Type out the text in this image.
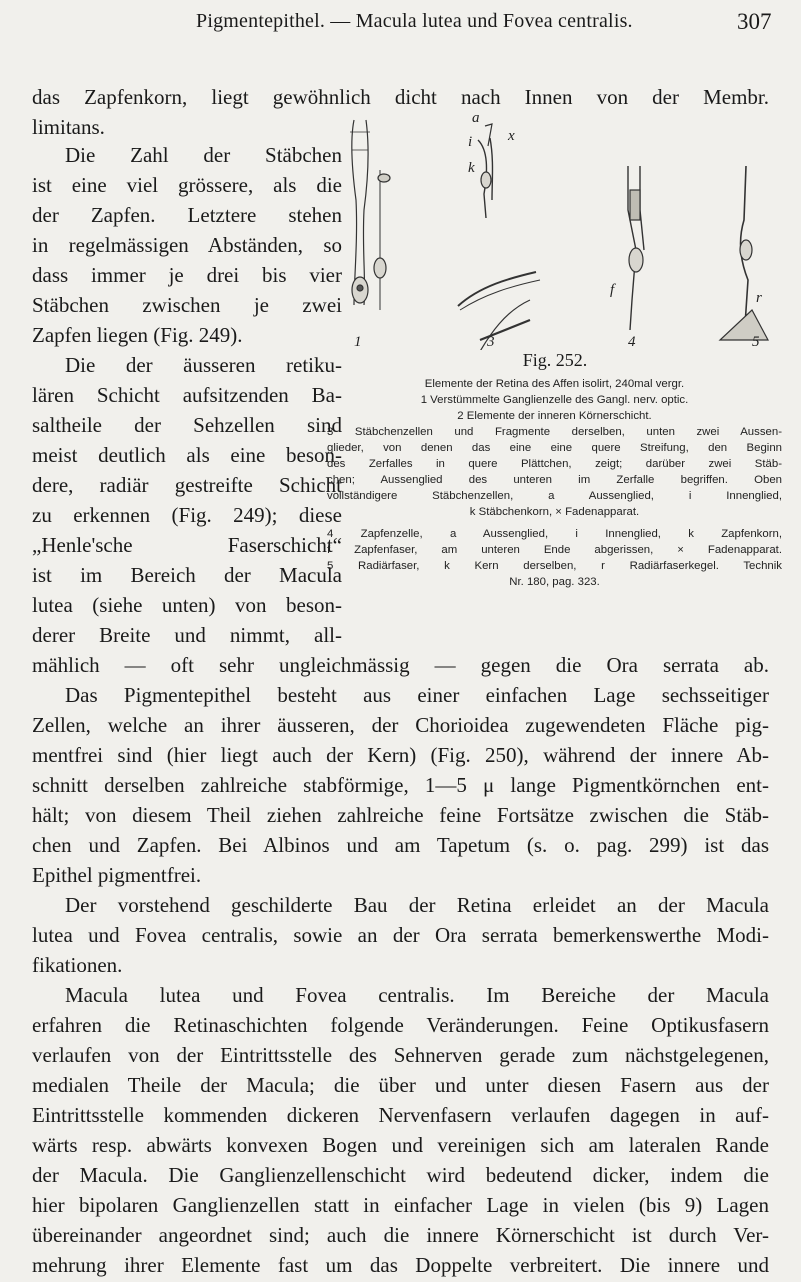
Pigmentepithel. — Macula lutea und Fovea centralis.	307
das Zapfenkorn, liegt gewöhnlich dicht nach Innen von der Membr.
limitans.
Die Zahl der Stäbchen
ist eine viel grössere, als die
der Zapfen. Letztere stehen
in regelmässigen Abständen, so
dass immer je drei bis vier
Stäbchen zwischen je zwei
Zapfen liegen (Fig. 249).
Die der äusseren retiku-
lären Schicht aufsitzenden Ba-
saltheile der Sehzellen sind
meist deutlich als eine beson-
dere, radiär gestreifte Schicht
zu erkennen (Fig. 249); diese
„Henle'sche Faserschicht“
ist im Bereich der Macula
lutea (siehe unten) von beson-
derer Breite und nimmt, all-
1	3	4	5
a
i
k
x
f	r
Fig. 252.
Elemente der Retina des Affen isolirt, 240mal vergr.
1 Verstümmelte Ganglienzelle des Gangl. nerv. optic.
2 Elemente der inneren Körnerschicht.
3 Stäbchenzellen und Fragmente derselben, unten zwei Aussen-
glieder, von denen das eine eine quere Streifung, den Beginn
des Zerfalles in quere Plättchen, zeigt; darüber zwei Stäb-
chen; Aussenglied des unteren im Zerfalle begriffen. Oben
vollständigere Stäbchenzellen, a Aussenglied, i Innenglied,
k Stäbchenkorn, × Fadenapparat.
4 Zapfenzelle, a Aussenglied, i Innenglied, k Zapfenkorn,
f Zapfenfaser, am unteren Ende abgerissen, × Fadenapparat.
5 Radiärfaser, k Kern derselben, r Radiärfaserkegel. Technik
Nr. 180, pag. 323.
mählich — oft sehr ungleichmässig — gegen die Ora serrata ab.
Das Pigmentepithel besteht aus einer einfachen Lage sechsseitiger
Zellen, welche an ihrer äusseren, der Chorioidea zugewendeten Fläche pig-
mentfrei sind (hier liegt auch der Kern) (Fig. 250), während der innere Ab-
schnitt derselben zahlreiche stabförmige, 1—5 μ lange Pigmentkörnchen ent-
hält; von diesem Theil ziehen zahlreiche feine Fortsätze zwischen die Stäb-
chen und Zapfen. Bei Albinos und am Tapetum (s. o. pag. 299) ist das
Epithel pigmentfrei.
Der vorstehend geschilderte Bau der Retina erleidet an der Macula
lutea und Fovea centralis, sowie an der Ora serrata bemerkenswerthe Modi-
fikationen.
Macula lutea und Fovea centralis. Im Bereiche der Macula
erfahren die Retinaschichten folgende Veränderungen. Feine Optikusfasern
verlaufen von der Eintrittsstelle des Sehnerven gerade zum nächstgelegenen,
medialen Theile der Macula; die über und unter diesen Fasern aus der
Eintrittsstelle kommenden dickeren Nervenfasern verlaufen dagegen in auf-
wärts resp. abwärts konvexen Bogen und vereinigen sich am lateralen Rande
der Macula. Die Ganglienzellenschicht wird bedeutend dicker, indem die
hier bipolaren Ganglienzellen statt in einfacher Lage in vielen (bis 9) Lagen
übereinander angeordnet sind; auch die innere Körnerschicht ist durch Ver-
mehrung ihrer Elemente fast um das Doppelte verbreitert. Die innere und
